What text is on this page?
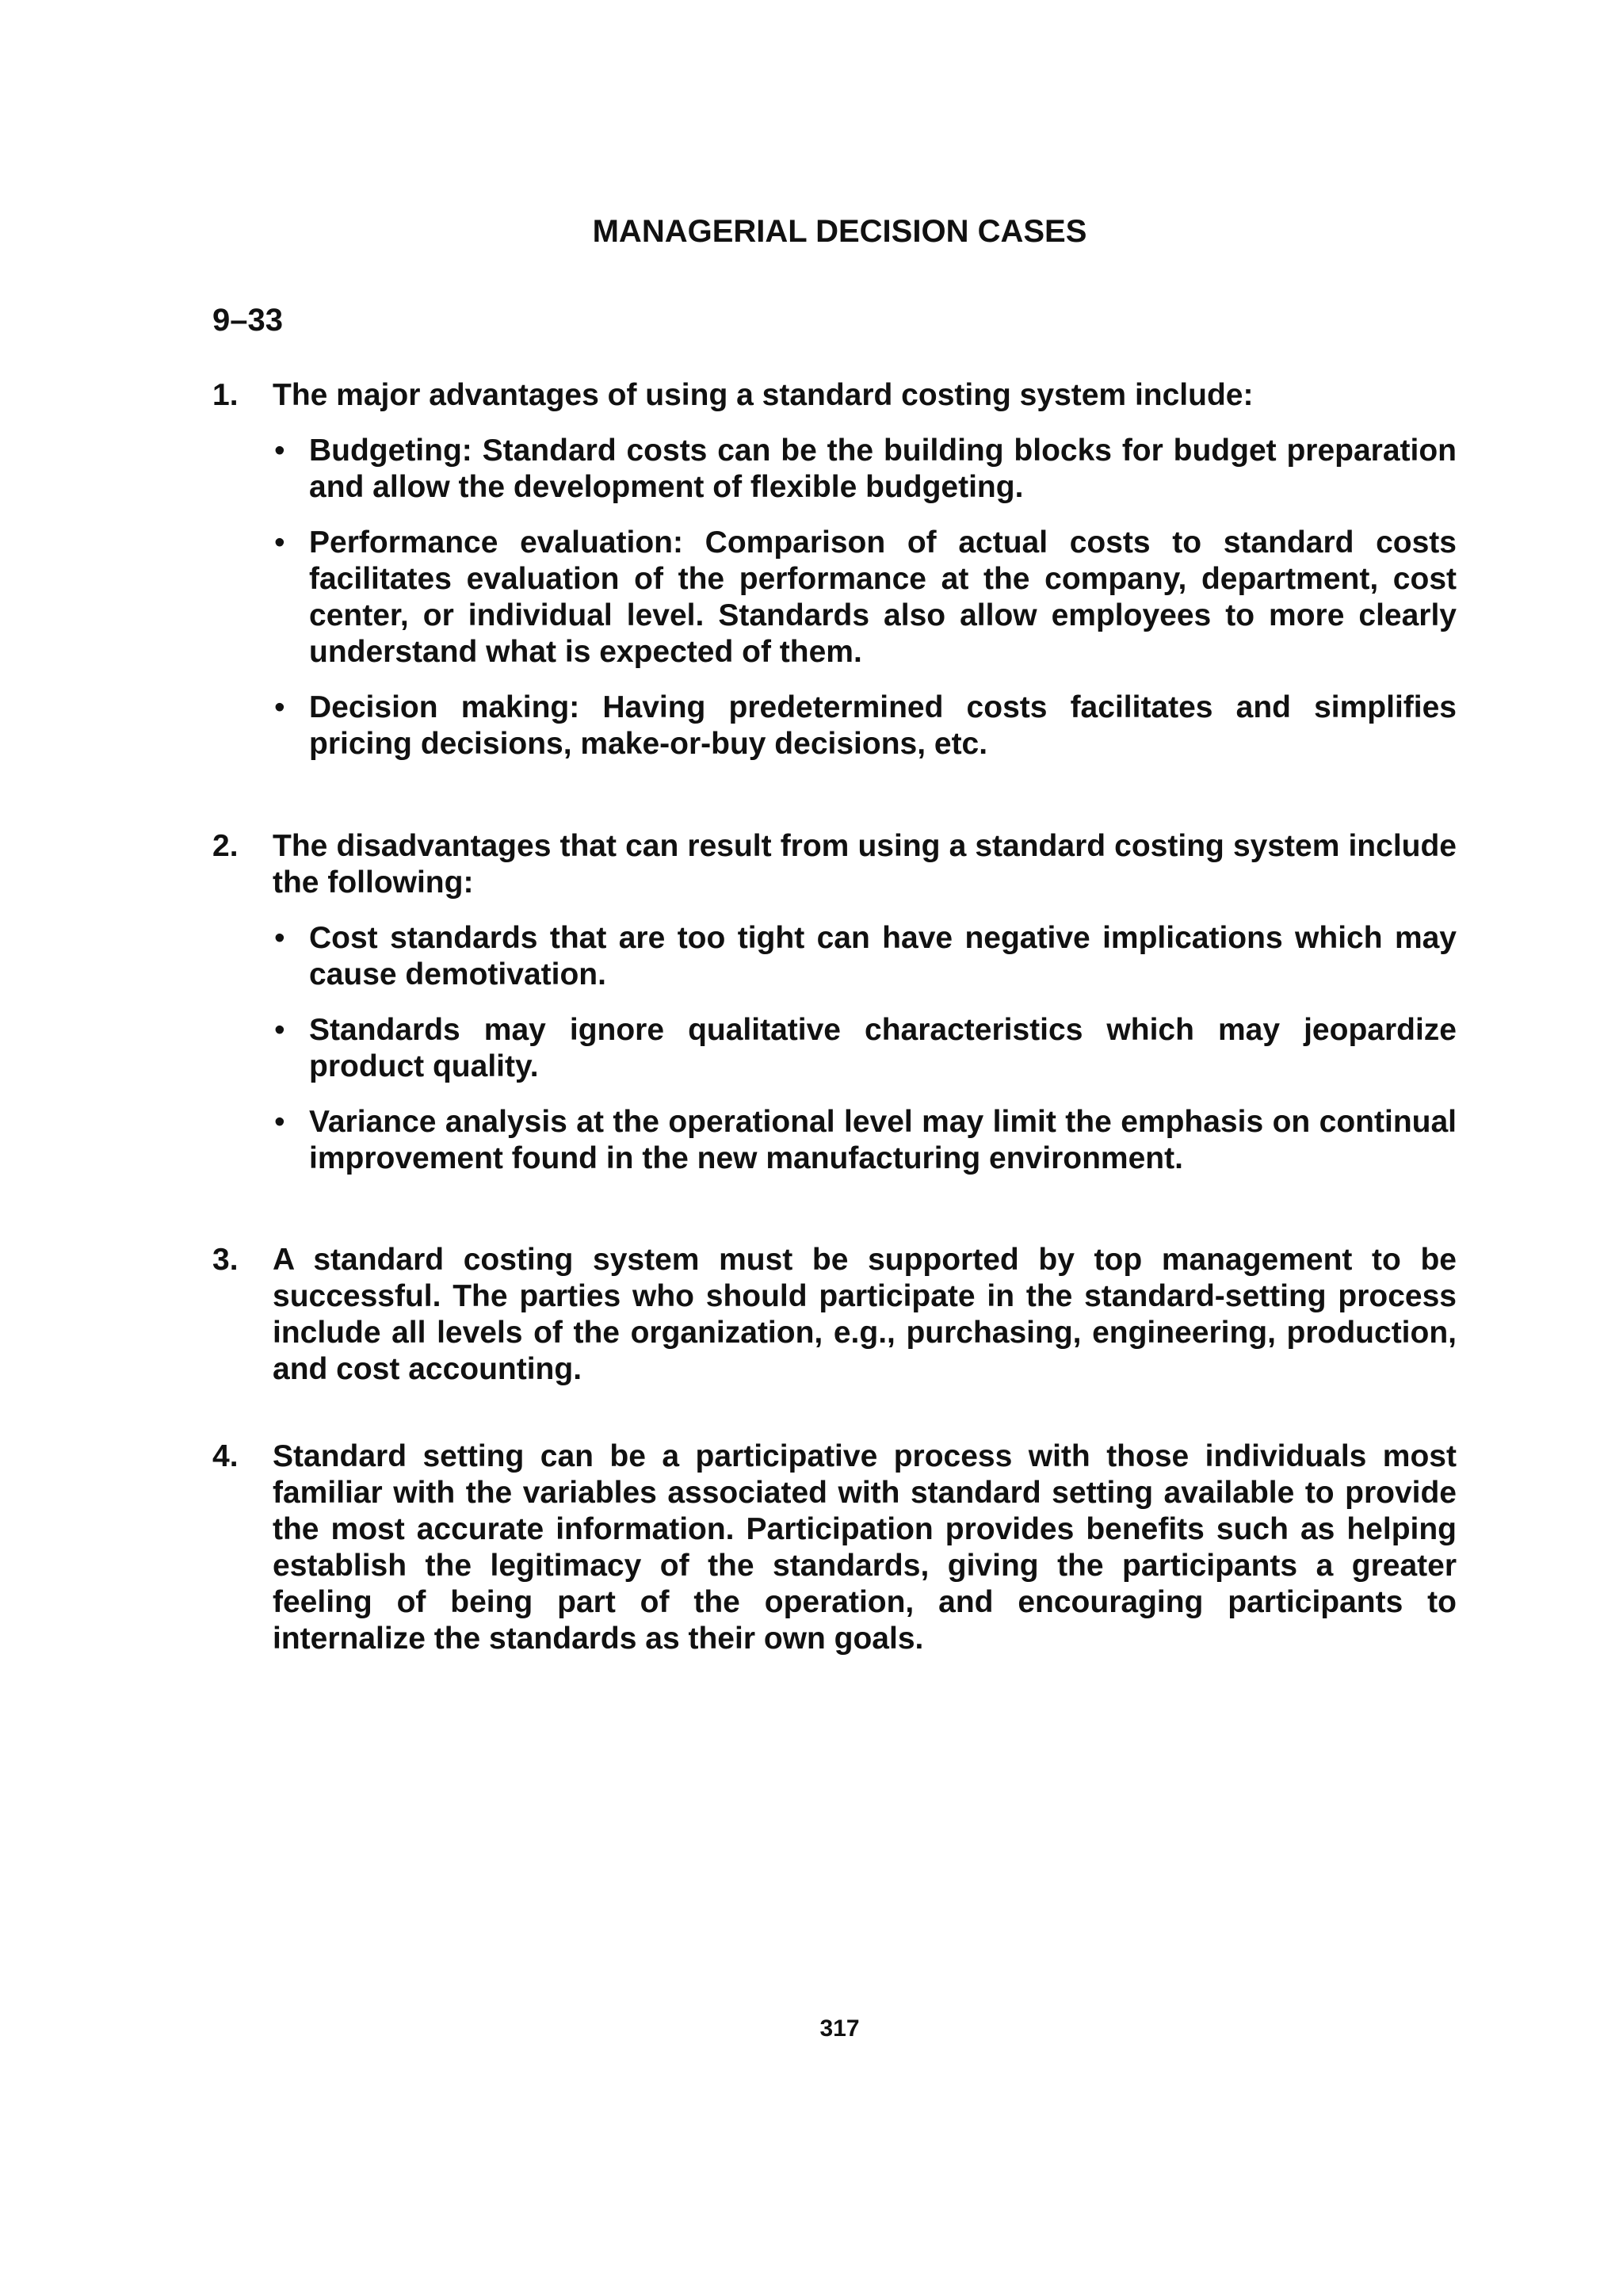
MANAGERIAL DECISION CASES

9–33

1. The major advantages of using a standard costing system include:
• Budgeting: Standard costs can be the building blocks for budget preparation and allow the development of flexible budgeting.
• Performance evaluation: Comparison of actual costs to standard costs facilitates evaluation of the performance at the company, department, cost center, or individual level. Standards also allow employees to more clearly understand what is expected of them.
• Decision making: Having predetermined costs facilitates and simplifies pricing decisions, make-or-buy decisions, etc.
2. The disadvantages that can result from using a standard costing system include the following:
• Cost standards that are too tight can have negative implications which may cause demotivation.
• Standards may ignore qualitative characteristics which may jeopardize product quality.
• Variance analysis at the operational level may limit the emphasis on continual improvement found in the new manufacturing environment.
3. A standard costing system must be supported by top management to be successful. The parties who should participate in the standard-setting process include all levels of the organization, e.g., purchasing, engineering, production, and cost accounting.
4. Standard setting can be a participative process with those individuals most familiar with the variables associated with standard setting available to provide the most accurate information. Participation provides benefits such as helping establish the legitimacy of the standards, giving the participants a greater feeling of being part of the operation, and encouraging participants to internalize the standards as their own goals.
317
